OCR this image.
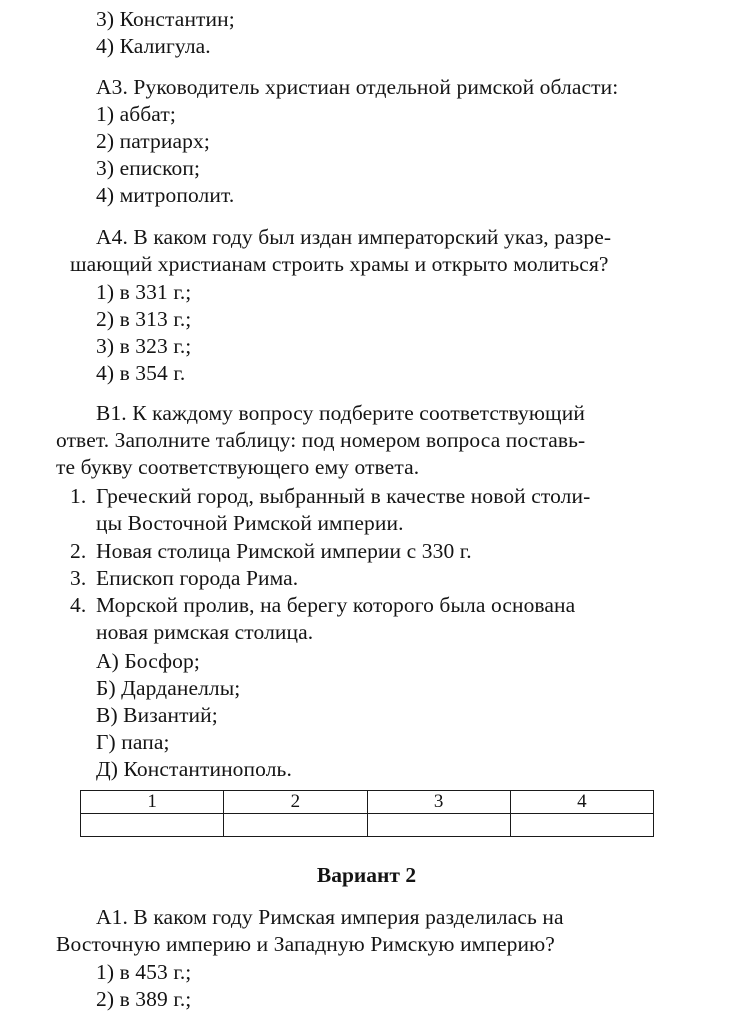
3) Константин;
4) Калигула.
А3. Руководитель христиан отдельной римской области:
1) аббат;
2) патриарх;
3) епископ;
4) митрополит.
А4. В каком году был издан императорский указ, разре-
шающий христианам строить храмы и открыто молиться?
1) в 331 г.;
2) в 313 г.;
3) в 323 г.;
4) в 354 г.
В1. К каждому вопросу подберите соответствующий
ответ. Заполните таблицу: под номером вопроса поставь-
те букву соответствующего ему ответа.
1. Греческий город, выбранный в качестве новой столи-
цы Восточной Римской империи.
2. Новая столица Римской империи с 330 г.
3. Епископ города Рима.
4. Морской пролив, на берегу которого была основана
новая римская столица.
А) Босфор;
Б) Дарданеллы;
В) Византий;
Г) папа;
Д) Константинополь.
1	2	3	4

Вариант 2
А1. В каком году Римская империя разделилась на
Восточную империю и Западную Римскую империю?
1) в 453 г.;
2) в 389 г.;
